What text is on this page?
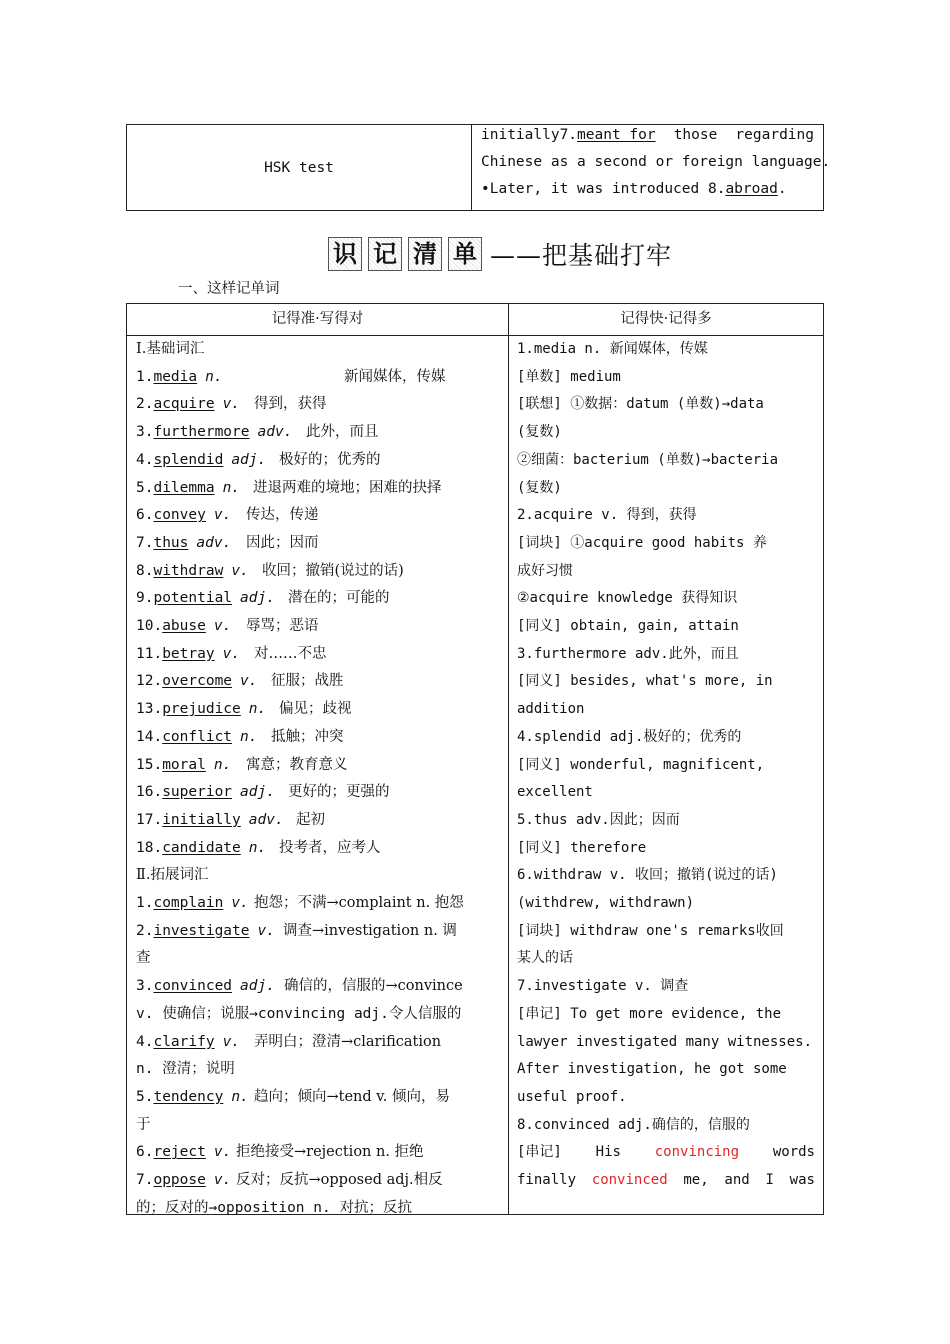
HSK test
initially7.meant for those regarding
Chinese as a second or foreign language.
•Later, it was introduced 8.abroad.
识 记 清 单 ——把基础打牢
一、这样记单词
记得准·写得对	记得快·记得多
Ⅰ.基础词汇
1.media n.	新闻媒体，传媒
2.acquire v. 得到，获得
3.furthermore adv. 此外，而且
4.splendid adj. 极好的；优秀的
5.dilemma n. 进退两难的境地；困难的抉择
6.convey v. 传达，传递
7.thus adv. 因此；因而
8.withdraw v. 收回；撤销(说过的话)
9.potential adj. 潜在的；可能的
10.abuse v. 辱骂；恶语
11.betray v. 对……不忠
12.overcome v. 征服；战胜
13.prejudice n. 偏见；歧视
14.conflict n. 抵触；冲突
15.moral n. 寓意；教育意义
16.superior adj. 更好的；更强的
17.initially adv. 起初
18.candidate n. 投考者，应考人
Ⅱ.拓展词汇
1.complain v. 抱怨；不满→complaint n. 抱怨
2.investigate v. 调查→investigation n. 调
查
3.convinced adj. 确信的，信服的→convince
v. 使确信；说服→convincing adj.令人信服的
4.clarify v. 弄明白；澄清→clarification
n. 澄清；说明
5.tendency n. 趋向；倾向→tend v. 倾向，易
于
6.reject v. 拒绝接受→rejection n. 拒绝
7.oppose v. 反对；反抗→opposed adj.相反
的；反对的→opposition n. 对抗；反抗
1.media n. 新闻媒体，传媒
[单数] medium
[联想] ①数据：datum (单数)→data
(复数)
②细菌：bacterium (单数)→bacteria
(复数)
2.acquire v. 得到，获得
[词块] ①acquire good habits 养
成好习惯
②acquire knowledge 获得知识
[同义] obtain, gain, attain
3.furthermore adv.此外，而且
[同义] besides, what's more, in
addition
4.splendid adj.极好的；优秀的
[同义] wonderful, magnificent,
excellent
5.thus adv.因此；因而
[同义] therefore
6.withdraw v. 收回；撤销(说过的话)
(withdrew, withdrawn)
[词块] withdraw one's remarks收回
某人的话
7.investigate v. 调查
[串记] To get more evidence, the
lawyer investigated many witnesses.
After investigation, he got some
useful proof.
8.convinced adj.确信的，信服的
[串记] His convincing words
finally convinced me, and I was
